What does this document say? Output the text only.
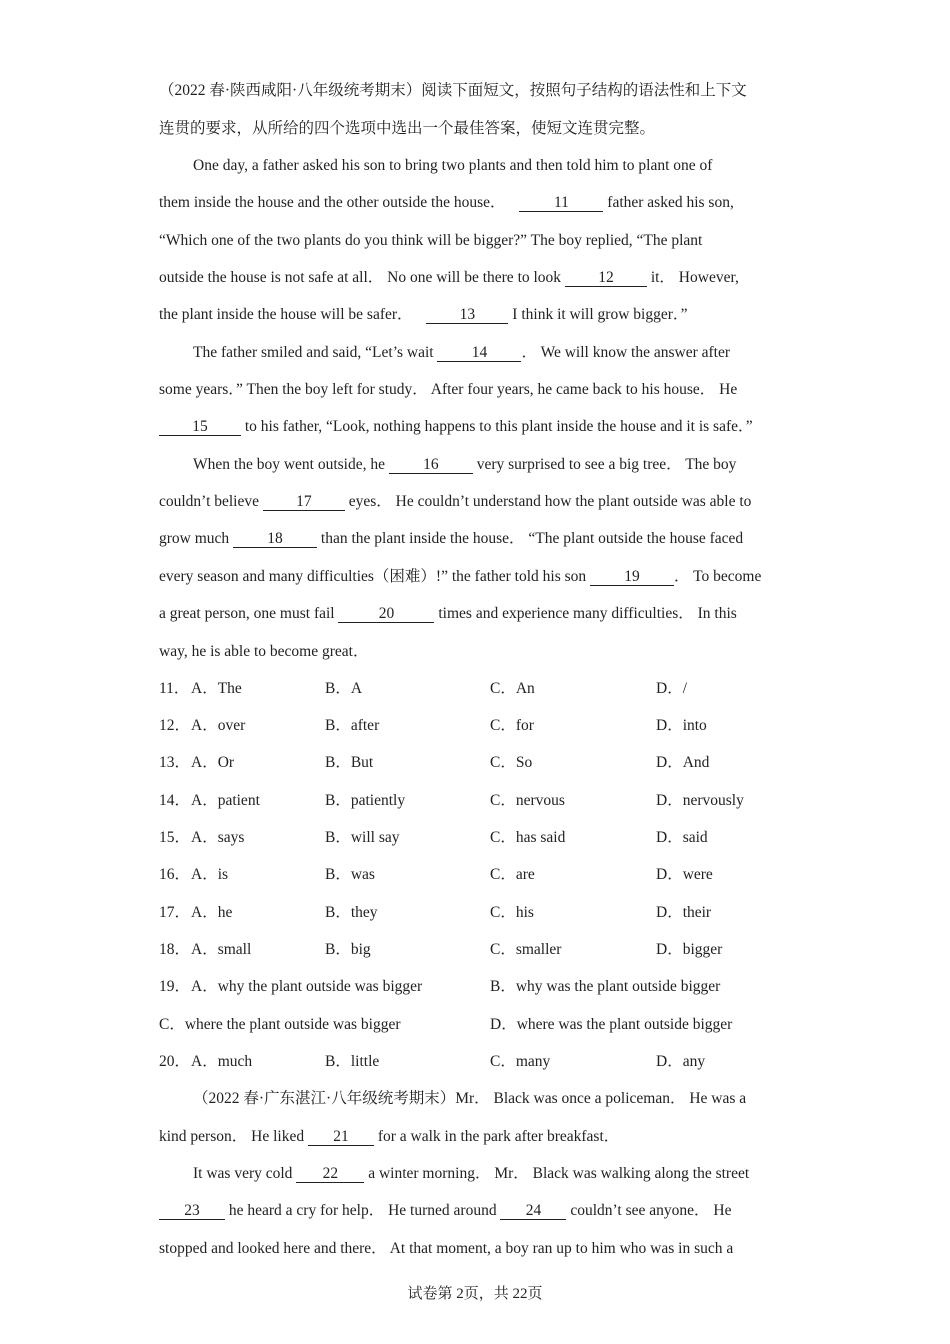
（2022 春·陕西咸阳·八年级统考期末）阅读下面短文，按照句子结构的语法性和上下文
连贯的要求，从所给的四个选项中选出一个最佳答案，使短文连贯完整。
One day, a father asked his son to bring two plants and then told him to plant one of
them inside the house and the other outside the house．	11 father asked his son,
“Which one of the two plants do you think will be bigger?” The boy replied, “The plant
outside the house is not safe at all． No one will be there to look 12 it． However,
the plant inside the house will be safer．	13 I think it will grow bigger．”
The father smiled and said, “Let’s wait 14 ． We will know the answer after
some years．” Then the boy left for study． After four years, he came back to his house． He
15 to his father, “Look, nothing happens to this plant inside the house and it is safe．”
When the boy went outside, he 16 very surprised to see a big tree． The boy
couldn’t believe 17 eyes． He couldn’t understand how the plant outside was able to
grow much 18 than the plant inside the house． “The plant outside the house faced
every season and many difficulties（困难）!” the father told his son 19 ． To become
a great person, one must fail	20	times and experience many difficulties． In this
way, he is able to become great．
11． A．The	B．A	C．An	D．/
12． A．over	B．after	C．for	D．into
13． A．Or	B．But	C．So	D．And
14． A．patient	B．patiently	C．nervous	D．nervously
15． A．says	B．will say	C．has said	D．said
16． A．is	B．was	C．are	D．were
17． A．he	B．they	C．his	D．their
18． A．small	B．big	C．smaller	D．bigger
19． A．why the plant outside was bigger	B．why was the plant outside bigger
C．where the plant outside was bigger	D．where was the plant outside bigger
20． A．much	B．little	C．many	D．any
（2022 春·广东湛江·八年级统考期末）Mr． Black was once a policeman． He was a
kind person． He liked 21 for a walk in the park after breakfast．
It was very cold 22 a winter morning． Mr． Black was walking along the street
23 he heard a cry for help． He turned around 24 couldn’t see anyone． He
stopped and looked here and there． At that moment, a boy ran up to him who was in such a
试卷第 2页，共 22页
